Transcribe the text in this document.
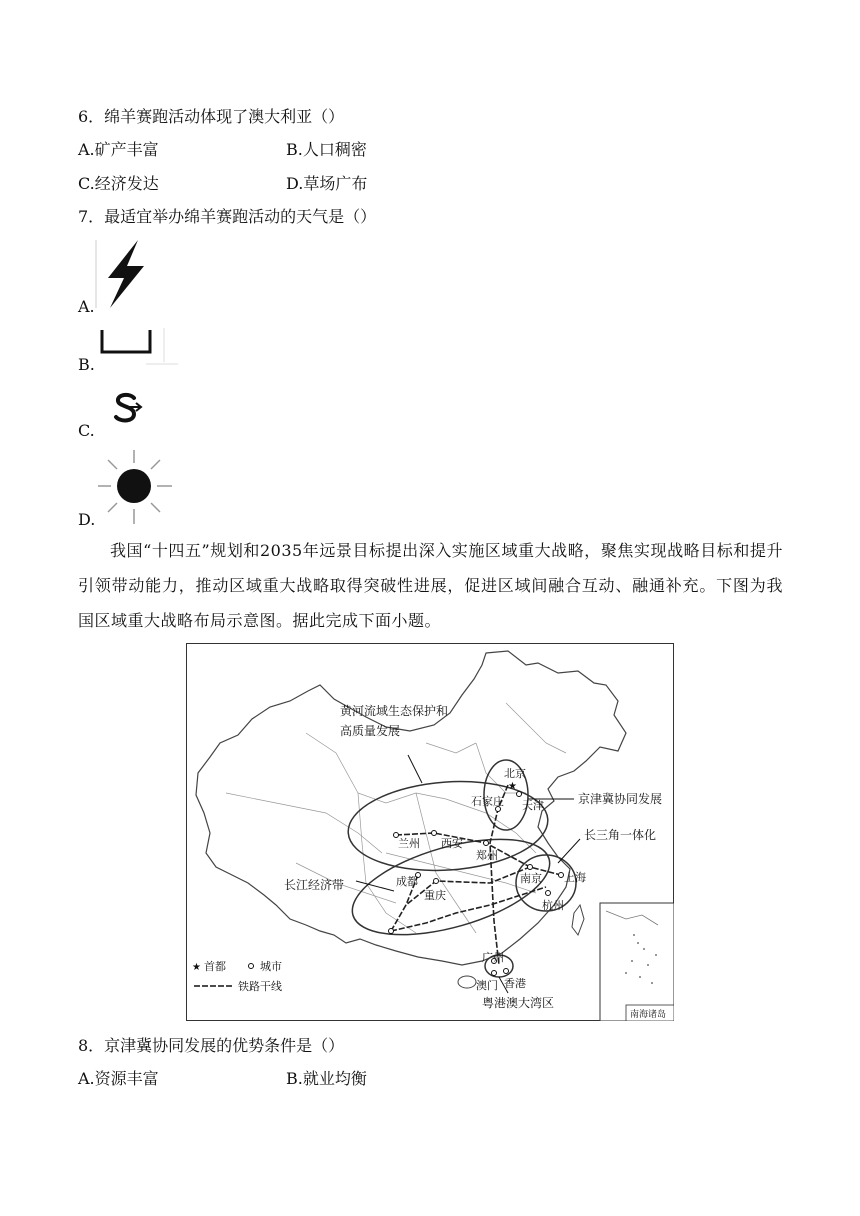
6．绵羊赛跑活动体现了澳大利亚（）
A.矿产丰富	B.人口稠密
C.经济发达	D.草场广布
7．最适宜举办绵羊赛跑活动的天气是（）
A.
B.
C.
D.
我国“十四五”规划和2035年远景目标提出深入实施区域重大战略，聚焦实现战略目标和提升引领带动能力，推动区域重大战略取得突破性进展，促进区域间融合互动、融通补充。下图为我国区域重大战略布局示意图。据此完成下面小题。
★
北京
天津
石家庄
兰州 西安
郑州
成都
重庆
南京 上海
杭州
广州
香港
澳门
黄河流域生态保护和
高质量发展
京津冀协同发展
长三角一体化
长江经济带
粤港澳大湾区
★ 首都	城市
铁路干线
南海诸岛
8．京津冀协同发展的优势条件是（）
A.资源丰富	B.就业均衡
